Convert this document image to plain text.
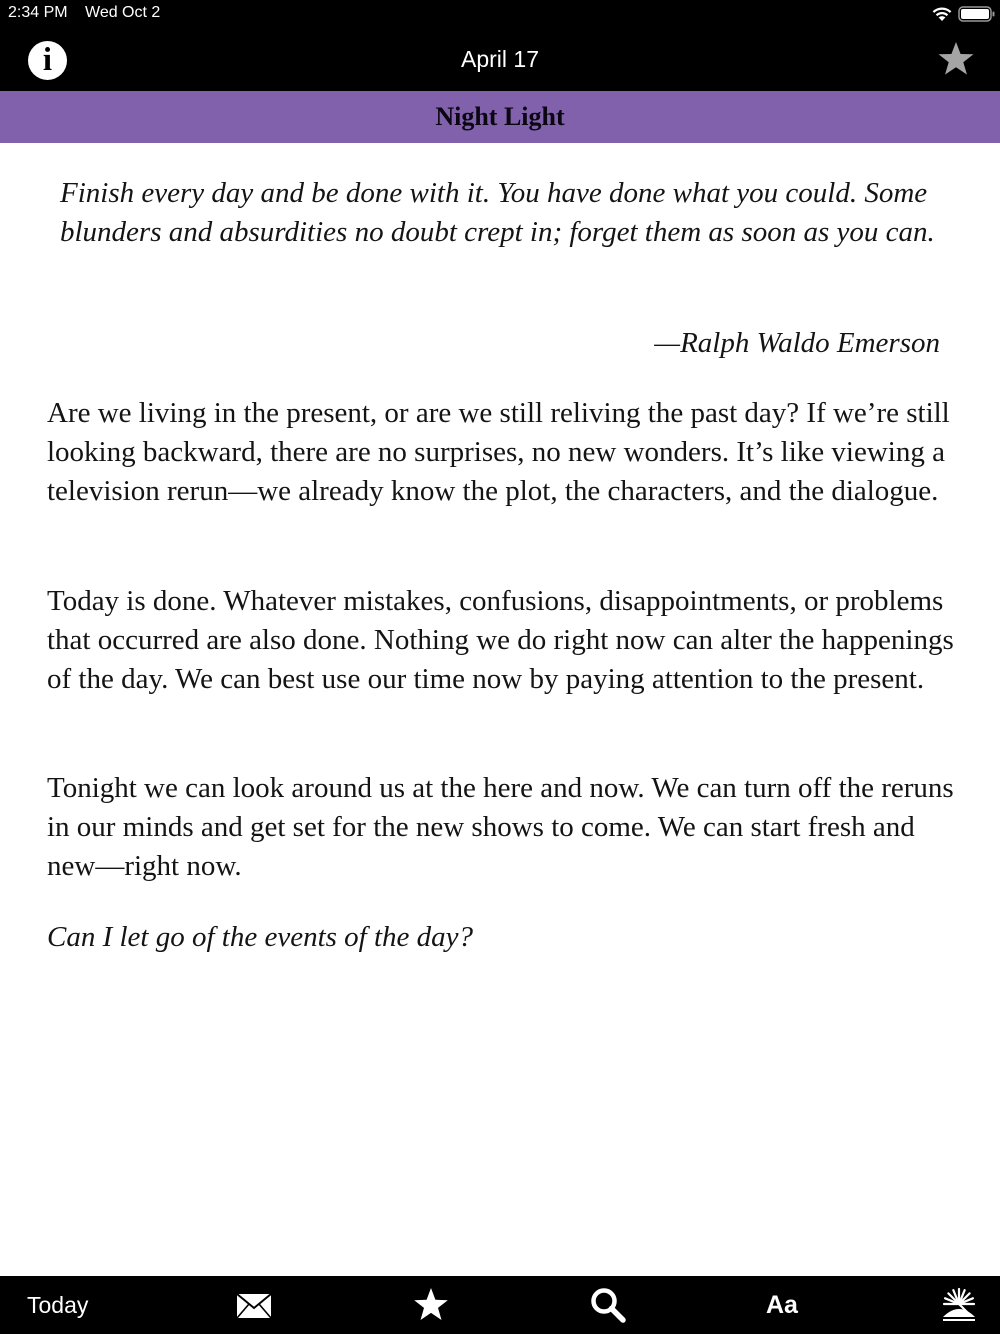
2:34 PM Wed Oct 2
i	April 17
Night Light

Finish every day and be done with it. You have done what you could. Some blunders and absurdities no doubt crept in; forget them as soon as you can.

—Ralph Waldo Emerson

Are we living in the present, or are we still reliving the past day? If we’re still looking backward, there are no surprises, no new wonders. It’s like viewing a television rerun—we already know the plot, the characters, and the dialogue.

Today is done. Whatever mistakes, confusions, disappointments, or problems that occurred are also done. Nothing we do right now can alter the happenings of the day. We can best use our time now by paying attention to the present.

Tonight we can look around us at the here and now. We can turn off the reruns in our minds and get set for the new shows to come. We can start fresh and new—right now.

Can I let go of the events of the day?

Today	Aa
